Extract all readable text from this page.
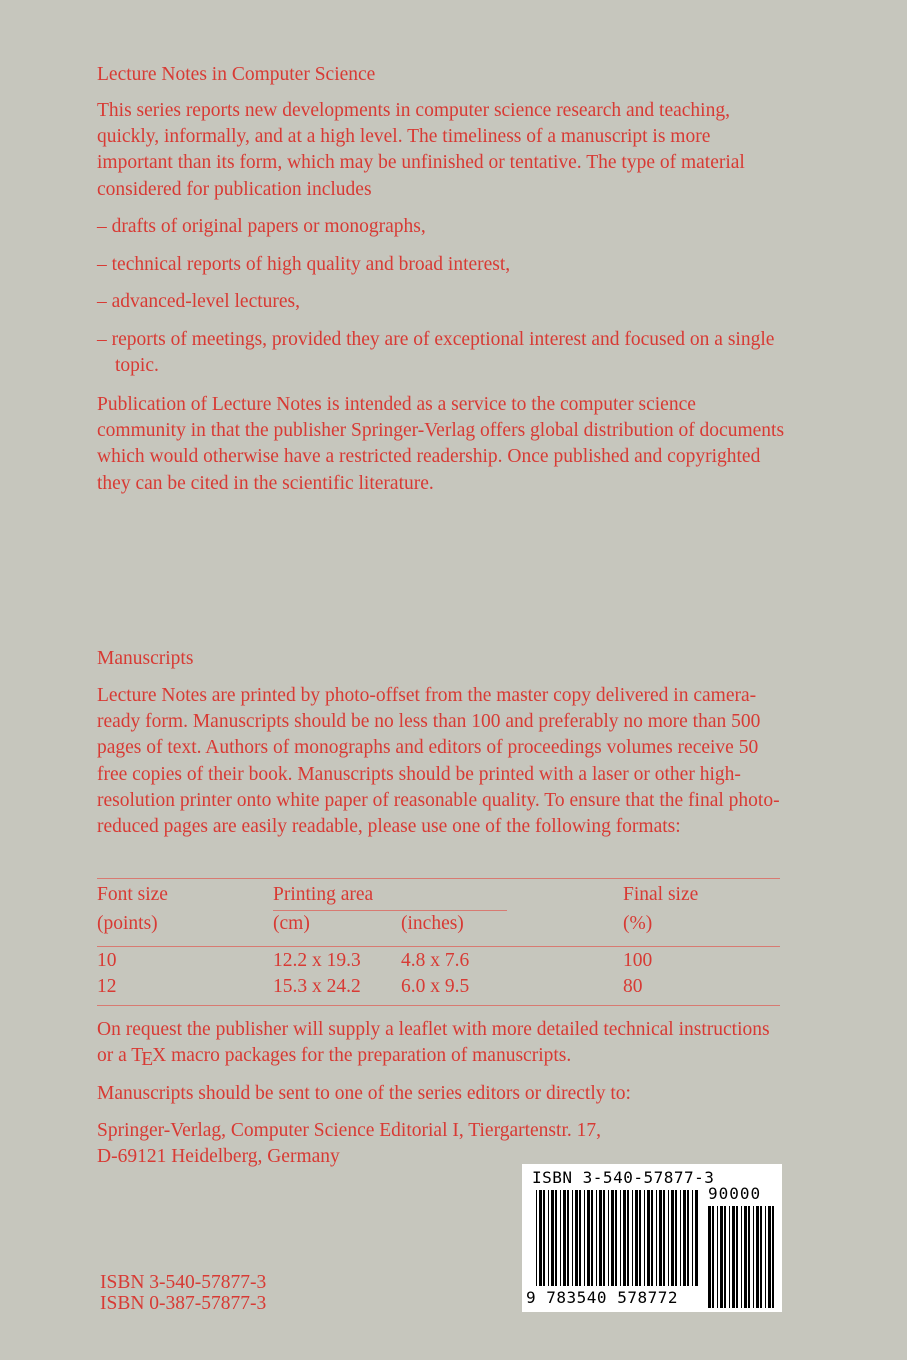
Lecture Notes in Computer Science
This series reports new developments in computer science research and teaching, quickly, informally, and at a high level. The timeliness of a manuscript is more important than its form, which may be unfinished or tentative. The type of material considered for publication includes
– drafts of original papers or monographs,
– technical reports of high quality and broad interest,
– advanced-level lectures,
– reports of meetings, provided they are of exceptional interest and focused on a single topic.
Publication of Lecture Notes is intended as a service to the computer science community in that the publisher Springer-Verlag offers global distribution of documents which would otherwise have a restricted readership. Once published and copyrighted they can be cited in the scientific literature.
Manuscripts
Lecture Notes are printed by photo-offset from the master copy delivered in camera-ready form. Manuscripts should be no less than 100 and preferably no more than 500 pages of text. Authors of monographs and editors of proceedings volumes receive 50 free copies of their book. Manuscripts should be printed with a laser or other high-resolution printer onto white paper of reasonable quality. To ensure that the final photo-reduced pages are easily readable, please use one of the following formats:
Font size	Printing area	Final size
(points)	(cm)	(inches)	(%)
10	12.2 x 19.3 4.8 x 7.6	100
12	15.3 x 24.2 6.0 x 9.5	80
On request the publisher will supply a leaflet with more detailed technical instructions or a TEX macro packages for the preparation of manuscripts.
Manuscripts should be sent to one of the series editors or directly to:
Springer-Verlag, Computer Science Editorial I, Tiergartenstr. 17,
D-69121 Heidelberg, Germany
ISBN 3-540-57877-3
ISBN 0-387-57877-3
ISBN 3-540-57877-3
90000
9 783540 578772
